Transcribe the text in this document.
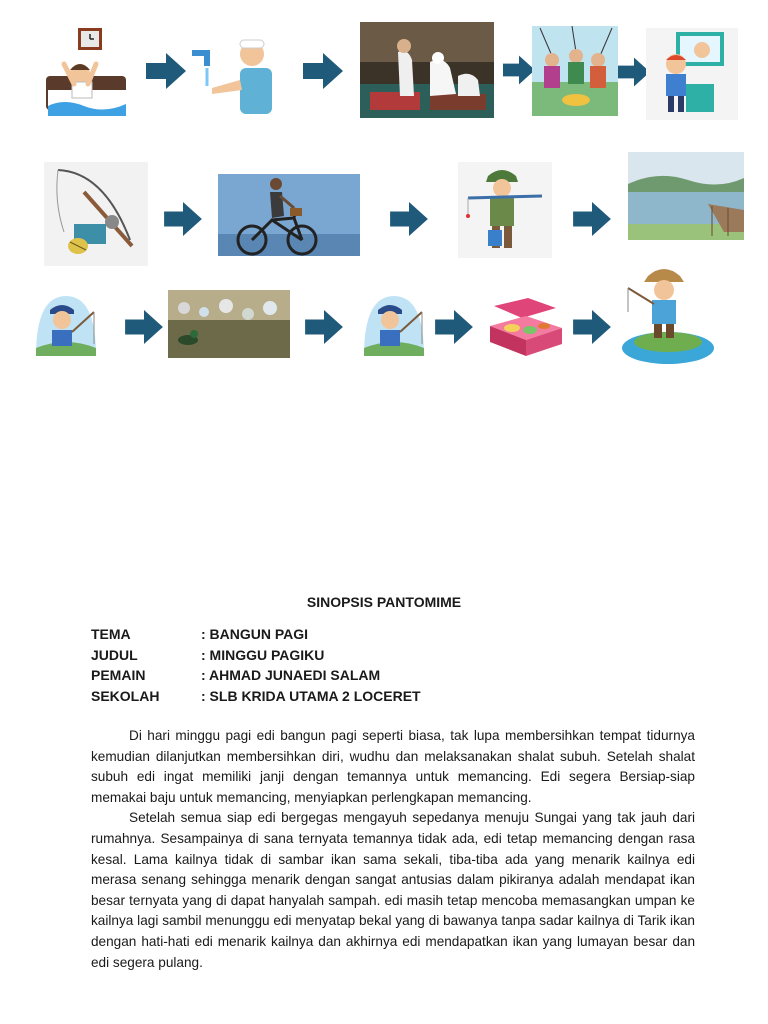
SINOPSIS PANTOMIME
TEMA	: BANGUN PAGI
JUDUL	: MINGGU PAGIKU
PEMAIN	: AHMAD JUNAEDI SALAM
SEKOLAH	: SLB KRIDA UTAMA 2 LOCERET

Di hari minggu pagi edi bangun pagi seperti biasa, tak lupa membersihkan tempat tidurnya kemudian dilanjutkan membersihkan diri, wudhu dan melaksanakan shalat subuh. Setelah shalat subuh edi ingat memiliki janji dengan temannya untuk memancing. Edi segera Bersiap-siap memakai baju untuk memancing, menyiapkan perlengkapan memancing.

Setelah semua siap edi bergegas mengayuh sepedanya menuju Sungai yang tak jauh dari rumahnya. Sesampainya di sana ternyata temannya tidak ada, edi tetap memancing dengan rasa kesal. Lama kailnya tidak di sambar ikan sama sekali, tiba-tiba ada yang menarik kailnya edi merasa senang sehingga menarik dengan sangat antusias dalam pikiranya adalah mendapat ikan besar ternyata yang di dapat hanyalah sampah. edi masih tetap mencoba memasangkan umpan ke kailnya lagi sambil menunggu edi menyatap bekal yang di bawanya tanpa sadar kailnya di Tarik ikan dengan hati-hati edi menarik kailnya dan akhirnya edi mendapatkan ikan yang lumayan besar dan edi segera pulang.
